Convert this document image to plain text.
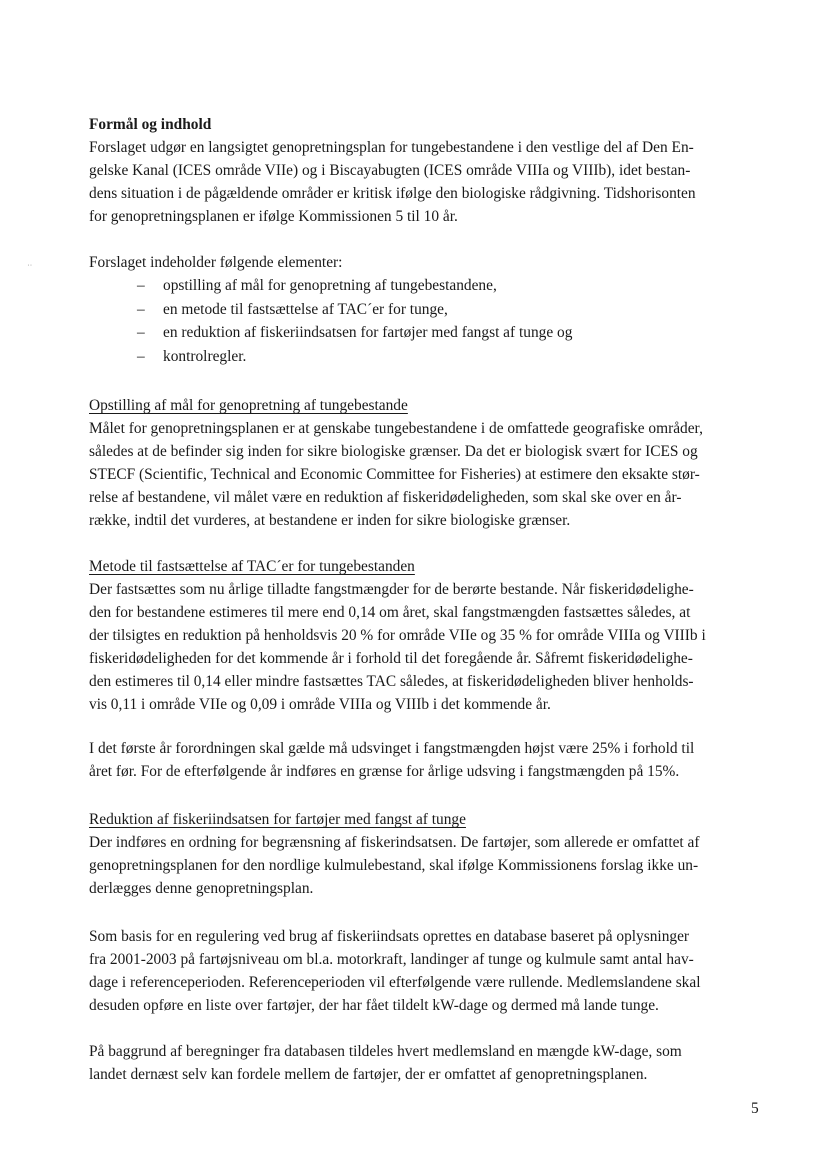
˙˙
Formål og indhold
Forslaget udgør en langsigtet genopretningsplan for tungebestandene i den vestlige del af Den En-
gelske Kanal (ICES område VIIe) og i Biscayabugten (ICES område VIIIa og VIIIb), idet bestan-
dens situation i de pågældende områder er kritisk ifølge den biologiske rådgivning. Tidshorisonten
for genopretningsplanen er ifølge Kommissionen 5 til 10 år.
Forslaget indeholder følgende elementer:
–	opstilling af mål for genopretning af tungebestandene,
–	en metode til fastsættelse af TAC´er for tunge,
–	en reduktion af fiskeriindsatsen for fartøjer med fangst af tunge og
–	kontrolregler.
Opstilling af mål for genopretning af tungebestande
Målet for genopretningsplanen er at genskabe tungebestandene i de omfattede geografiske områder,
således at de befinder sig inden for sikre biologiske grænser. Da det er biologisk svært for ICES og
STECF (Scientific, Technical and Economic Committee for Fisheries) at estimere den eksakte stør-
relse af bestandene, vil målet være en reduktion af fiskeridødeligheden, som skal ske over en år-
række, indtil det vurderes, at bestandene er inden for sikre biologiske grænser.
Metode til fastsættelse af TAC´er for tungebestanden
Der fastsættes som nu årlige tilladte fangstmængder for de berørte bestande. Når fiskeridødelighe-
den for bestandene estimeres til mere end 0,14 om året, skal fangstmængden fastsættes således, at
der tilsigtes en reduktion på henholdsvis 20 % for område VIIe og 35 % for område VIIIa og VIIIb i
fiskeridødeligheden for det kommende år i forhold til det foregående år. Såfremt fiskeridødelighe-
den estimeres til 0,14 eller mindre fastsættes TAC således, at fiskeridødeligheden bliver henholds-
vis 0,11 i område VIIe og 0,09 i område VIIIa og VIIIb i det kommende år.
I det første år forordningen skal gælde må udsvinget i fangstmængden højst være 25% i forhold til
året før. For de efterfølgende år indføres en grænse for årlige udsving i fangstmængden på 15%.
Reduktion af fiskeriindsatsen for fartøjer med fangst af tunge
Der indføres en ordning for begrænsning af fiskerindsatsen. De fartøjer, som allerede er omfattet af
genopretningsplanen for den nordlige kulmulebestand, skal ifølge Kommissionens forslag ikke un-
derlægges denne genopretningsplan.
Som basis for en regulering ved brug af fiskeriindsats oprettes en database baseret på oplysninger
fra 2001-2003 på fartøjsniveau om bl.a. motorkraft, landinger af tunge og kulmule samt antal hav-
dage i referenceperioden. Referenceperioden vil efterfølgende være rullende. Medlemslandene skal
desuden opføre en liste over fartøjer, der har fået tildelt kW-dage og dermed må lande tunge.
På baggrund af beregninger fra databasen tildeles hvert medlemsland en mængde kW-dage, som
landet dernæst selv kan fordele mellem de fartøjer, der er omfattet af genopretningsplanen.
5
